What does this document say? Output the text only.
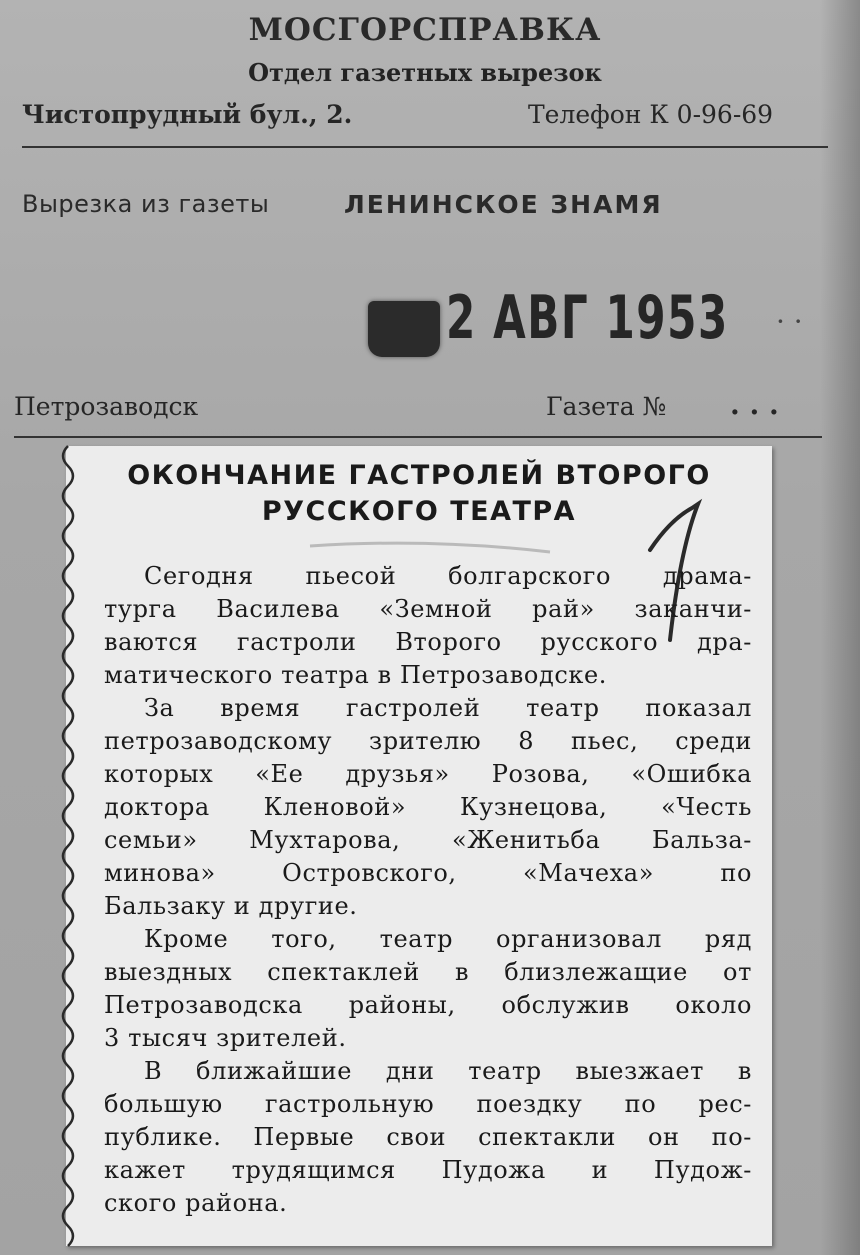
МОСГОРСПРАВКА
Отдел газетных вырезок
Чистопрудный бул., 2.	Телефон К 0-96-69
Вырезка из газеты	ЛЕНИНСКОЕ ЗНАМЯ
2 АВГ 1953 · ·
Петрозаводск	Газета № . . .
ОКОНЧАНИЕ ГАСТРОЛЕЙ ВТОРОГО
РУССКОГО ТЕАТРА
Сегодня пьесой болгарского драма-
турга Василева «Земной рай» заканчи-
ваются гастроли Второго русского дра-
матического театра в Петрозаводске.
За время гастролей театр показал
петрозаводскому зрителю 8 пьес, среди
которых «Ее друзья» Розова, «Ошибка
доктора Кленовой» Кузнецова, «Честь
семьи» Мухтарова, «Женитьба Бальза-
минова» Островского, «Мачеха» по
Бальзаку и другие.
Кроме того, театр организовал ряд
выездных спектаклей в близлежащие от
Петрозаводска районы, обслужив около
3 тысяч зрителей.
В ближайшие дни театр выезжает в
большую гастрольную поездку по рес-
публике. Первые свои спектакли он по-
кажет трудящимся Пудожа и Пудож-
ского района.
